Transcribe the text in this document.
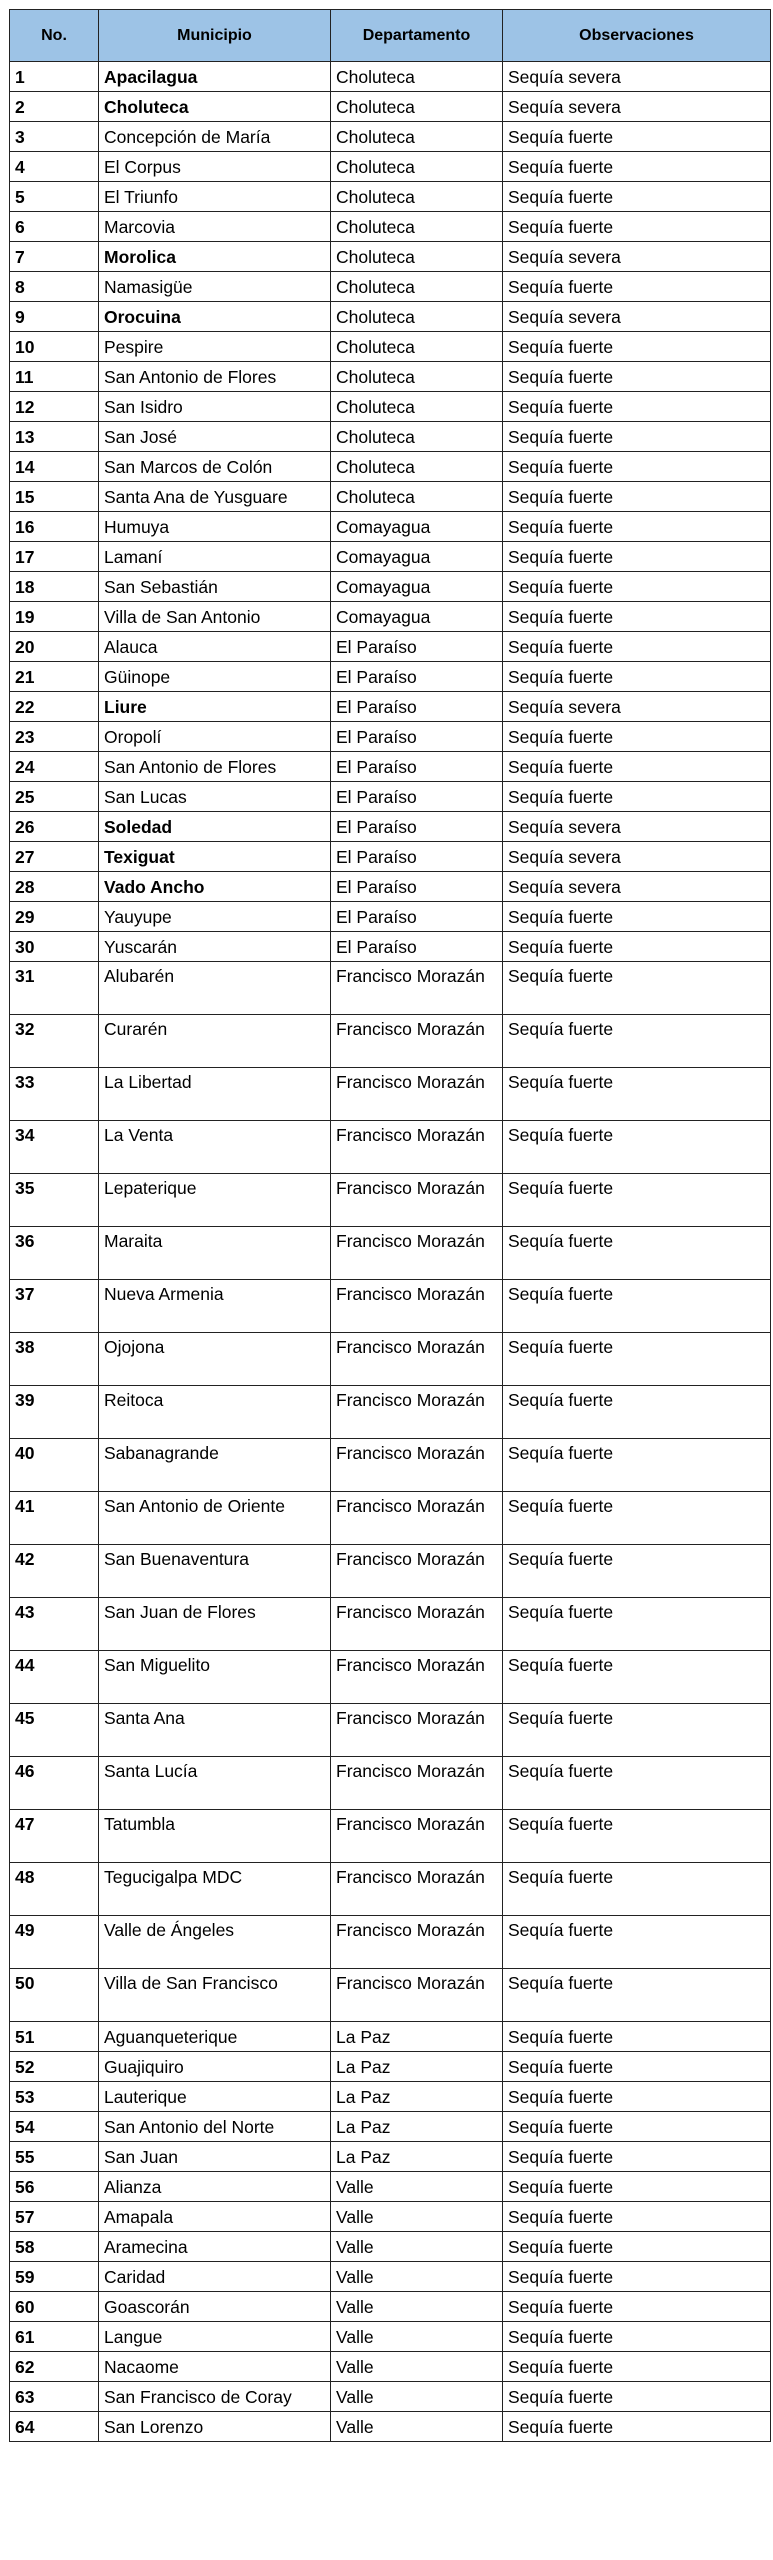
No.	Municipio	Departamento	Observaciones
1	Apacilagua	Choluteca	Sequía severa
2	Choluteca	Choluteca	Sequía severa
3	Concepción de María	Choluteca	Sequía fuerte
4	El Corpus	Choluteca	Sequía fuerte
5	El Triunfo	Choluteca	Sequía fuerte
6	Marcovia	Choluteca	Sequía fuerte
7	Morolica	Choluteca	Sequía severa
8	Namasigüe	Choluteca	Sequía fuerte
9	Orocuina	Choluteca	Sequía severa
10	Pespire	Choluteca	Sequía fuerte
11	San Antonio de Flores	Choluteca	Sequía fuerte
12	San Isidro	Choluteca	Sequía fuerte
13	San José	Choluteca	Sequía fuerte
14	San Marcos de Colón	Choluteca	Sequía fuerte
15	Santa Ana de Yusguare	Choluteca	Sequía fuerte
16	Humuya	Comayagua	Sequía fuerte
17	Lamaní	Comayagua	Sequía fuerte
18	San Sebastián	Comayagua	Sequía fuerte
19	Villa de San Antonio	Comayagua	Sequía fuerte
20	Alauca	El Paraíso	Sequía fuerte
21	Güinope	El Paraíso	Sequía fuerte
22	Liure	El Paraíso	Sequía severa
23	Oropolí	El Paraíso	Sequía fuerte
24	San Antonio de Flores	El Paraíso	Sequía fuerte
25	San Lucas	El Paraíso	Sequía fuerte
26	Soledad	El Paraíso	Sequía severa
27	Texiguat	El Paraíso	Sequía severa
28	Vado Ancho	El Paraíso	Sequía severa
29	Yauyupe	El Paraíso	Sequía fuerte
30	Yuscarán	El Paraíso	Sequía fuerte
31	Alubarén	Francisco Morazán	Sequía fuerte
32	Curarén	Francisco Morazán	Sequía fuerte
33	La Libertad	Francisco Morazán	Sequía fuerte
34	La Venta	Francisco Morazán	Sequía fuerte
35	Lepaterique	Francisco Morazán	Sequía fuerte
36	Maraita	Francisco Morazán	Sequía fuerte
37	Nueva Armenia	Francisco Morazán	Sequía fuerte
38	Ojojona	Francisco Morazán	Sequía fuerte
39	Reitoca	Francisco Morazán	Sequía fuerte
40	Sabanagrande	Francisco Morazán	Sequía fuerte
41	San Antonio de Oriente	Francisco Morazán	Sequía fuerte
42	San Buenaventura	Francisco Morazán	Sequía fuerte
43	San Juan de Flores	Francisco Morazán	Sequía fuerte
44	San Miguelito	Francisco Morazán	Sequía fuerte
45	Santa Ana	Francisco Morazán	Sequía fuerte
46	Santa Lucía	Francisco Morazán	Sequía fuerte
47	Tatumbla	Francisco Morazán	Sequía fuerte
48	Tegucigalpa MDC	Francisco Morazán	Sequía fuerte
49	Valle de Ángeles	Francisco Morazán	Sequía fuerte
50	Villa de San Francisco	Francisco Morazán	Sequía fuerte
51	Aguanqueterique	La Paz	Sequía fuerte
52	Guajiquiro	La Paz	Sequía fuerte
53	Lauterique	La Paz	Sequía fuerte
54	San Antonio del Norte	La Paz	Sequía fuerte
55	San Juan	La Paz	Sequía fuerte
56	Alianza	Valle	Sequía fuerte
57	Amapala	Valle	Sequía fuerte
58	Aramecina	Valle	Sequía fuerte
59	Caridad	Valle	Sequía fuerte
60	Goascorán	Valle	Sequía fuerte
61	Langue	Valle	Sequía fuerte
62	Nacaome	Valle	Sequía fuerte
63	San Francisco de Coray	Valle	Sequía fuerte
64	San Lorenzo	Valle	Sequía fuerte
